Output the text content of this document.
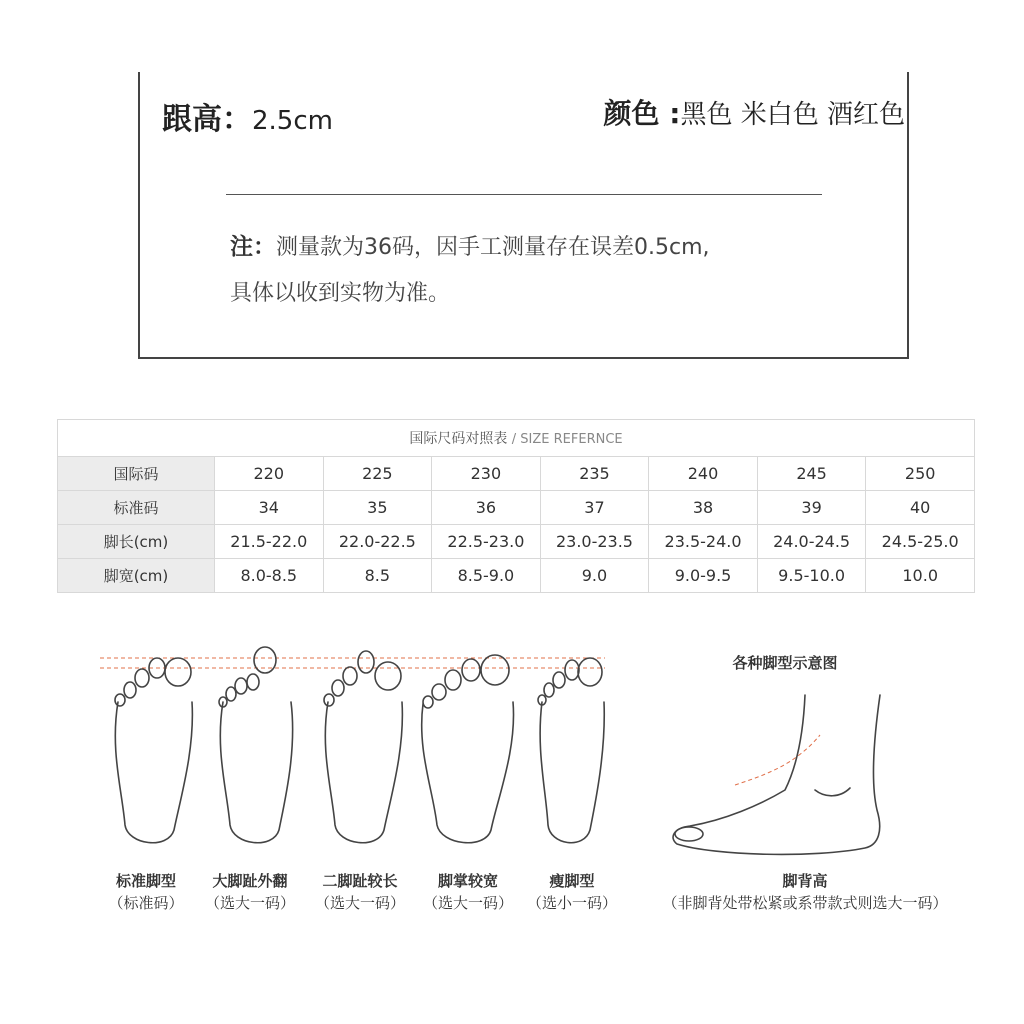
跟高：2.5cm	颜色 :黑色 米白色 酒红色
注：测量款为36码，因手工测量存在误差0.5cm,
具体以收到实物为准。
国际尺码对照表 / SIZE REFERNCE							
国际码	220	225	230	235	240	245	250
标准码	34	35	36	37	38	39	40
脚长(cm)	21.5-22.0	22.0-22.5	22.5-23.0	23.0-23.5	23.5-24.0	24.0-24.5	24.5-25.0
脚宽(cm)	8.0-8.5	8.5	8.5-9.0	9.0	9.0-9.5	9.5-10.0	10.0
标准脚型
（标准码）
大脚趾外翻
（选大一码）
二脚趾较长
（选大一码）
脚掌较宽
（选大一码）
瘦脚型
（选小一码）
各种脚型示意图
脚背高
（非脚背处带松紧或系带款式则选大一码）
